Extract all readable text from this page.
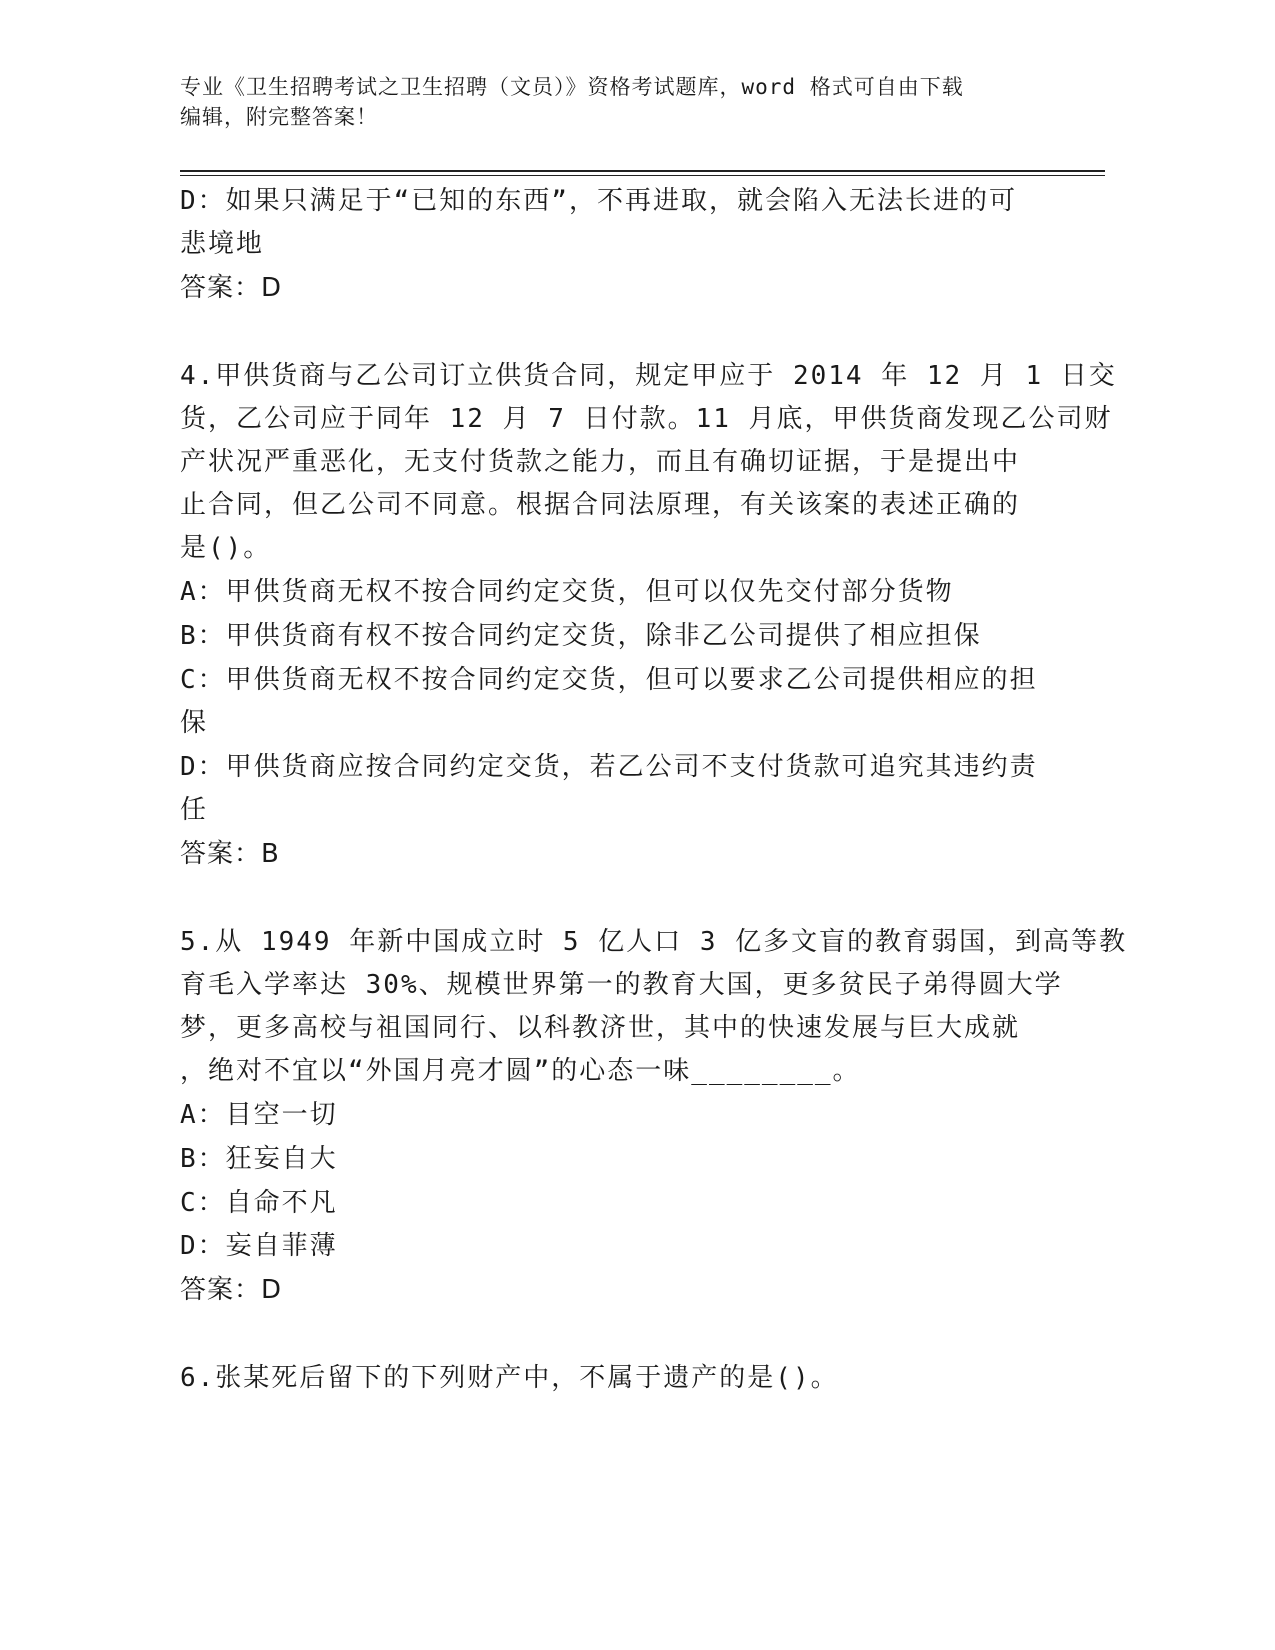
专业《卫生招聘考试之卫生招聘（文员）》资格考试题库，word 格式可自由下载
编辑，附完整答案！
D：如果只满足于“已知的东西”，不再进取，就会陷入无法长进的可
悲境地
答案：D
4.甲供货商与乙公司订立供货合同，规定甲应于 2014 年 12 月 1 日交
货，乙公司应于同年 12 月 7 日付款。11 月底，甲供货商发现乙公司财
产状况严重恶化，无支付货款之能力，而且有确切证据，于是提出中
止合同，但乙公司不同意。根据合同法原理，有关该案的表述正确的
是()。
A：甲供货商无权不按合同约定交货，但可以仅先交付部分货物
B：甲供货商有权不按合同约定交货，除非乙公司提供了相应担保
C：甲供货商无权不按合同约定交货，但可以要求乙公司提供相应的担
保
D：甲供货商应按合同约定交货，若乙公司不支付货款可追究其违约责
任
答案：B
5.从 1949 年新中国成立时 5 亿人口 3 亿多文盲的教育弱国，到高等教
育毛入学率达 30%、规模世界第一的教育大国，更多贫民子弟得圆大学
梦，更多高校与祖国同行、以科教济世，其中的快速发展与巨大成就
，绝对不宜以“外国月亮才圆”的心态一味________。
A：目空一切
B：狂妄自大
C：自命不凡
D：妄自菲薄
答案：D
6.张某死后留下的下列财产中，不属于遗产的是()。
